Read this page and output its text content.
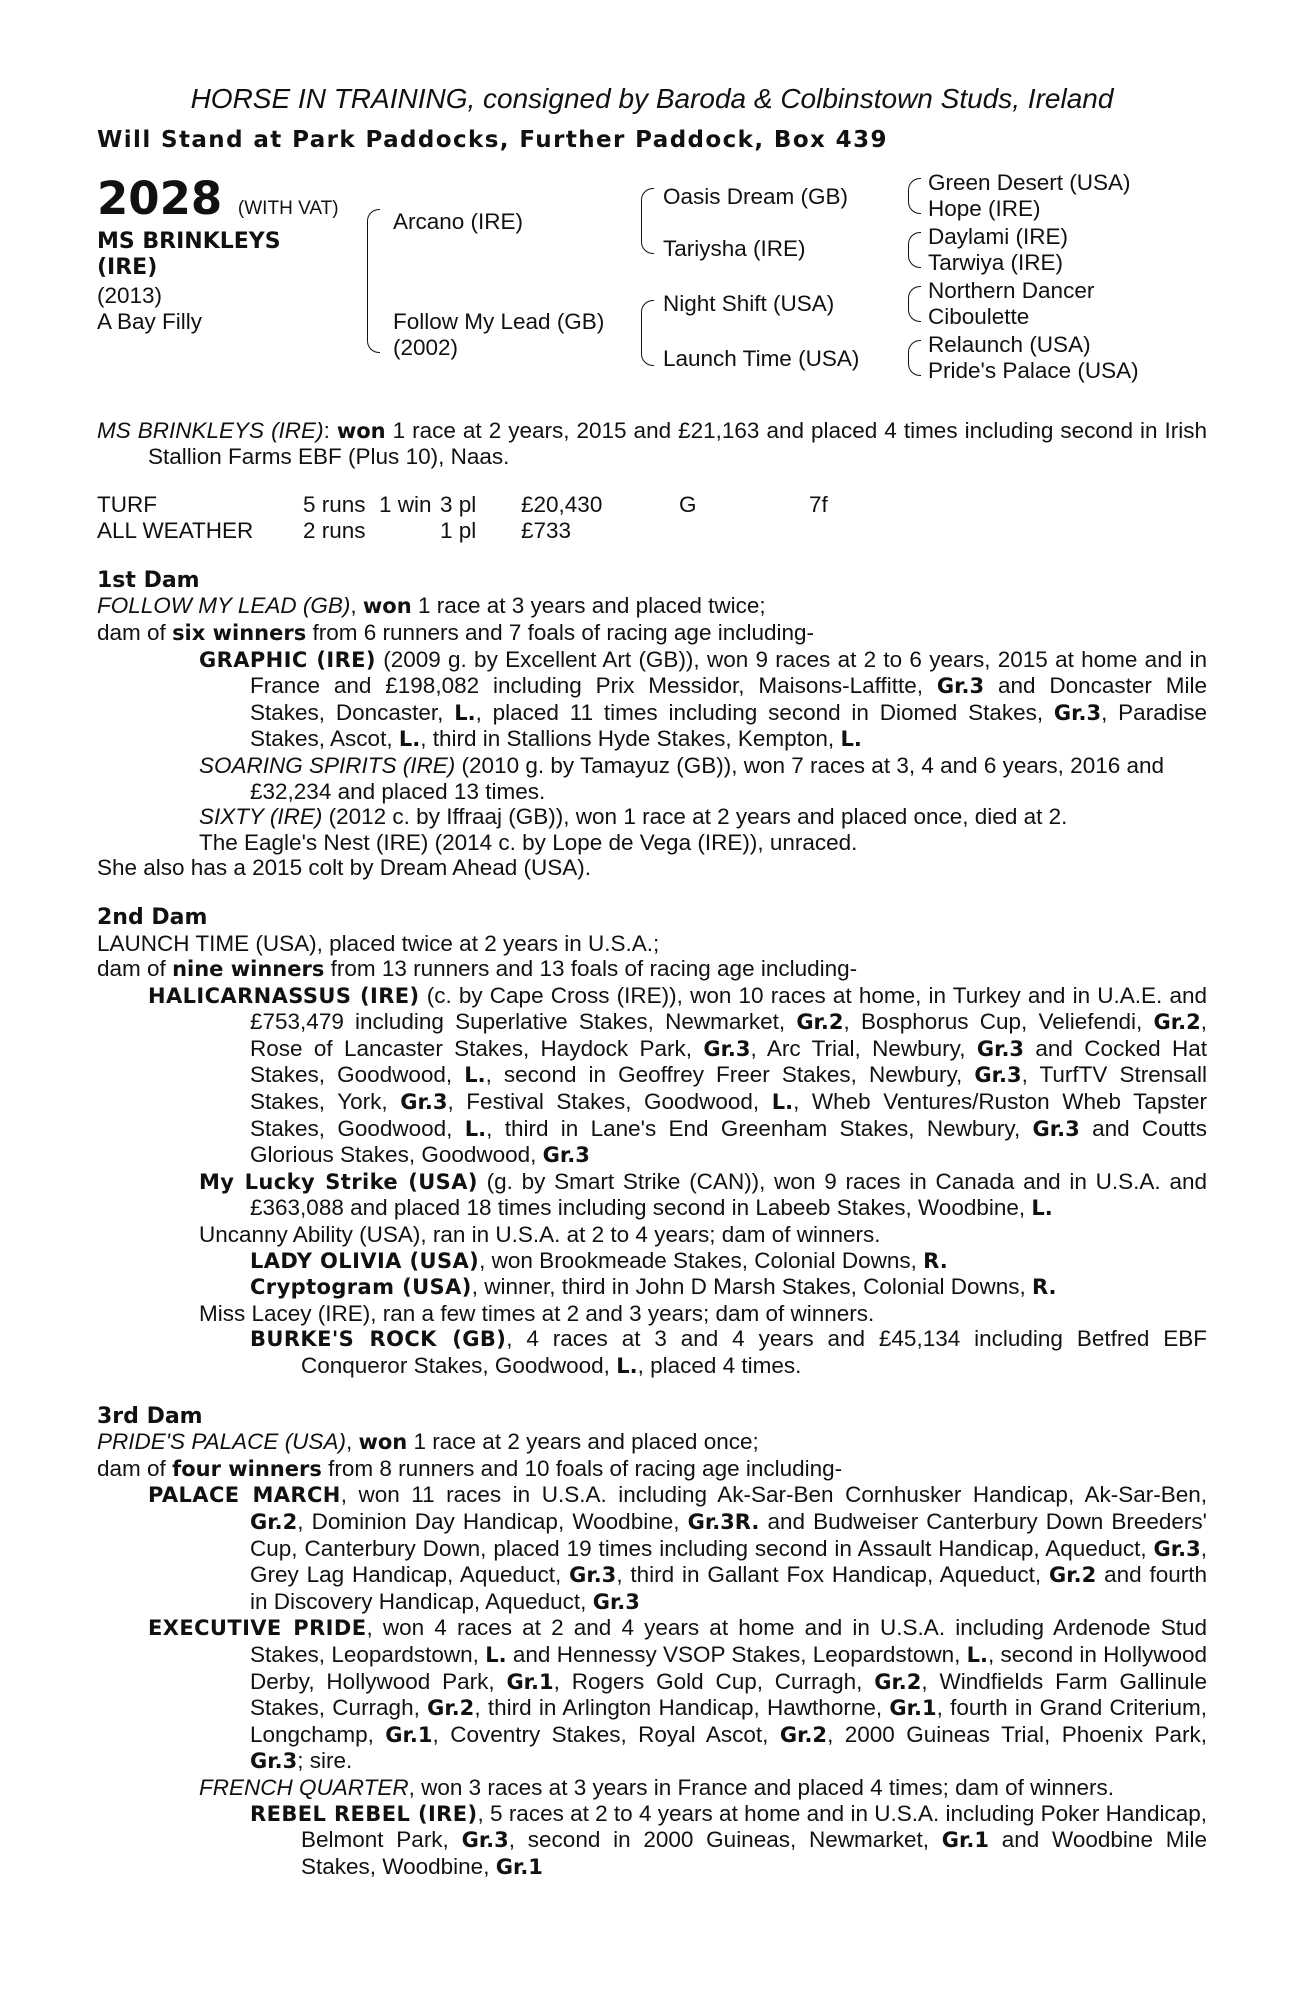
HORSE IN TRAINING, consigned by Baroda & Colbinstown Studs, Ireland
Will Stand at Park Paddocks, Further Paddock, Box 439
2028 (WITH VAT)
MS BRINKLEYS
(IRE)
(2013)
A Bay Filly
Arcano (IRE)
Follow My Lead (GB)
(2002)
Oasis Dream (GB)
Tariysha (IRE)
Night Shift (USA)
Launch Time (USA)
Green Desert (USA)
Hope (IRE)
Daylami (IRE)
Tarwiya (IRE)
Northern Dancer
Ciboulette
Relaunch (USA)
Pride's Palace (USA)

MS BRINKLEYS (IRE): won 1 race at 2 years, 2015 and £21,163 and placed 4 times including second in Irish Stallion Farms EBF (Plus 10), Naas.

TURF	5 runs	1 win	3 pl	£20,430	G	7f
ALL WEATHER	2 runs		1 pl	£733		
1st Dam

FOLLOW MY LEAD (GB), won 1 race at 3 years and placed twice;

dam of six winners from 6 runners and 7 foals of racing age including-

GRAPHIC (IRE) (2009 g. by Excellent Art (GB)), won 9 races at 2 to 6 years, 2015 at home and in France and £198,082 including Prix Messidor, Maisons-Laffitte, Gr.3 and Doncaster Mile Stakes, Doncaster, L., placed 11 times including second in Diomed Stakes, Gr.3, Paradise Stakes, Ascot, L., third in Stallions Hyde Stakes, Kempton, L.

SOARING SPIRITS (IRE) (2010 g. by Tamayuz (GB)), won 7 races at 3, 4 and 6 years, 2016 and £32,234 and placed 13 times.

SIXTY (IRE) (2012 c. by Iffraaj (GB)), won 1 race at 2 years and placed once, died at 2.

The Eagle's Nest (IRE) (2014 c. by Lope de Vega (IRE)), unraced.

She also has a 2015 colt by Dream Ahead (USA).

2nd Dam

LAUNCH TIME (USA), placed twice at 2 years in U.S.A.;

dam of nine winners from 13 runners and 13 foals of racing age including-

HALICARNASSUS (IRE) (c. by Cape Cross (IRE)), won 10 races at home, in Turkey and in U.A.E. and £753,479 including Superlative Stakes, Newmarket, Gr.2, Bosphorus Cup, Veliefendi, Gr.2, Rose of Lancaster Stakes, Haydock Park, Gr.3, Arc Trial, Newbury, Gr.3 and Cocked Hat Stakes, Goodwood, L., second in Geoffrey Freer Stakes, Newbury, Gr.3, TurfTV Strensall Stakes, York, Gr.3, Festival Stakes, Goodwood, L., Wheb Ventures/Ruston Wheb Tapster Stakes, Goodwood, L., third in Lane's End Greenham Stakes, Newbury, Gr.3 and Coutts Glorious Stakes, Goodwood, Gr.3

My Lucky Strike (USA) (g. by Smart Strike (CAN)), won 9 races in Canada and in U.S.A. and £363,088 and placed 18 times including second in Labeeb Stakes, Woodbine, L.

Uncanny Ability (USA), ran in U.S.A. at 2 to 4 years; dam of winners.

LADY OLIVIA (USA), won Brookmeade Stakes, Colonial Downs, R.

Cryptogram (USA), winner, third in John D Marsh Stakes, Colonial Downs, R.

Miss Lacey (IRE), ran a few times at 2 and 3 years; dam of winners.

BURKE'S ROCK (GB), 4 races at 3 and 4 years and £45,134 including Betfred EBF Conqueror Stakes, Goodwood, L., placed 4 times.

3rd Dam

PRIDE'S PALACE (USA), won 1 race at 2 years and placed once;

dam of four winners from 8 runners and 10 foals of racing age including-

PALACE MARCH, won 11 races in U.S.A. including Ak-Sar-Ben Cornhusker Handicap, Ak-Sar-Ben, Gr.2, Dominion Day Handicap, Woodbine, Gr.3R. and Budweiser Canterbury Down Breeders' Cup, Canterbury Down, placed 19 times including second in Assault Handicap, Aqueduct, Gr.3, Grey Lag Handicap, Aqueduct, Gr.3, third in Gallant Fox Handicap, Aqueduct, Gr.2 and fourth in Discovery Handicap, Aqueduct, Gr.3

EXECUTIVE PRIDE, won 4 races at 2 and 4 years at home and in U.S.A. including Ardenode Stud Stakes, Leopardstown, L. and Hennessy VSOP Stakes, Leopardstown, L., second in Hollywood Derby, Hollywood Park, Gr.1, Rogers Gold Cup, Curragh, Gr.2, Windfields Farm Gallinule Stakes, Curragh, Gr.2, third in Arlington Handicap, Hawthorne, Gr.1, fourth in Grand Criterium, Longchamp, Gr.1, Coventry Stakes, Royal Ascot, Gr.2, 2000 Guineas Trial, Phoenix Park, Gr.3; sire.

FRENCH QUARTER, won 3 races at 3 years in France and placed 4 times; dam of winners.

REBEL REBEL (IRE), 5 races at 2 to 4 years at home and in U.S.A. including Poker Handicap, Belmont Park, Gr.3, second in 2000 Guineas, Newmarket, Gr.1 and Woodbine Mile Stakes, Woodbine, Gr.1
